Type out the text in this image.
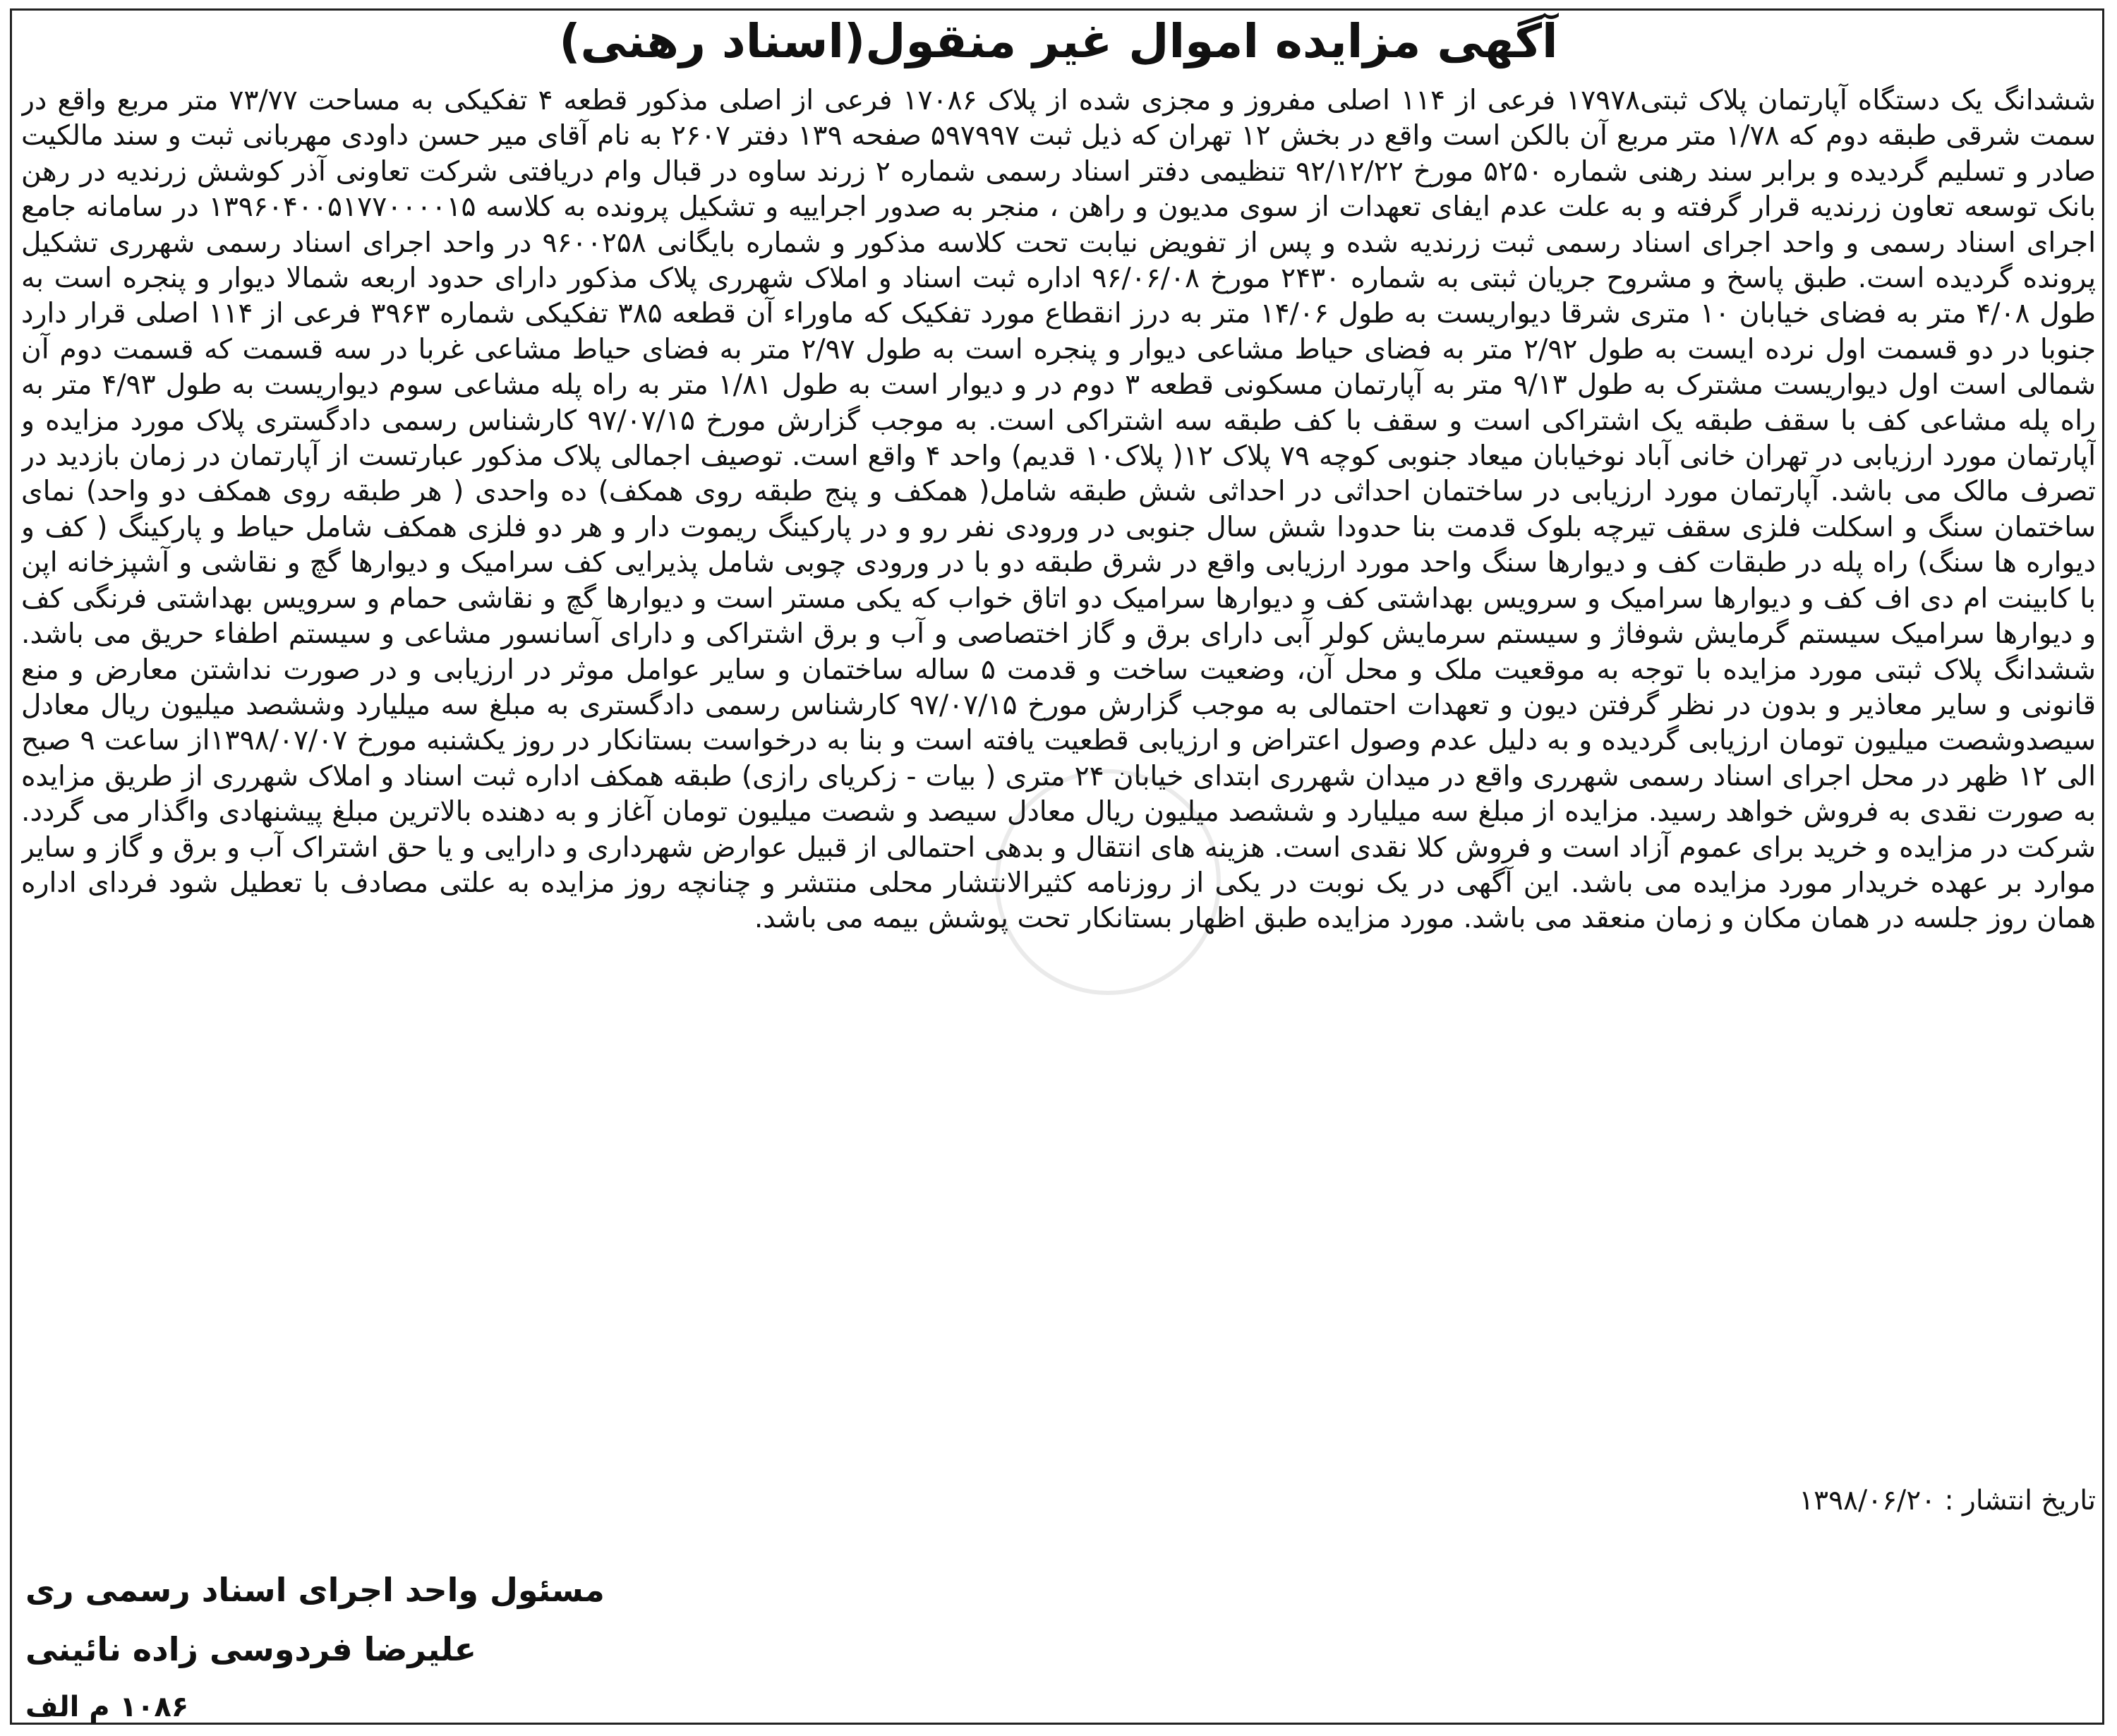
آگهی مزایده اموال غیر منقول(اسناد رهنی)
ششدانگ یک دستگاه آپارتمان پلاک ثبتی۱۷۹۷۸ فرعی از ۱۱۴ اصلی مفروز و مجزی شده از پلاک ۱۷۰۸۶ فرعی از اصلی مذکور قطعه ۴ تفکیکی به مساحت ۷۳/۷۷ متر مربع واقع در سمت شرقی طبقه دوم که ۱/۷۸ متر مربع آن بالکن است واقع در بخش ۱۲ تهران که ذیل ثبت ۵۹۷۹۹۷ صفحه ۱۳۹ دفتر ۲۶۰۷ به نام آقای میر حسن داودی مهربانی ثبت و سند مالکیت صادر و تسلیم گردیده و برابر سند رهنی شماره ۵۲۵۰ مورخ ۹۲/۱۲/۲۲ تنظیمی دفتر اسناد رسمی شماره ۲ زرند ساوه در قبال وام دریافتی شرکت تعاونی آذر کوشش زرندیه در رهن بانک توسعه تعاون زرندیه قرار گرفته و به علت عدم ایفای تعهدات از سوی مدیون و راهن ، منجر به صدور اجراییه و تشکیل پرونده به کلاسه ۱۳۹۶۰۴۰۰۵۱۷۷۰۰۰۰۱۵ در سامانه جامع اجرای اسناد رسمی و واحد اجرای اسناد رسمی ثبت زرندیه شده و پس از تفویض نیابت تحت کلاسه مذکور و شماره بایگانی ۹۶۰۰۲۵۸ در واحد اجرای اسناد رسمی شهرری تشکیل پرونده گردیده است. طبق پاسخ و مشروح جریان ثبتی به شماره ۲۴۳۰ مورخ ۹۶/۰۶/۰۸ اداره ثبت اسناد و املاک شهرری پلاک مذکور دارای حدود اربعه شمالا دیوار و پنجره است به طول ۴/۰۸ متر به فضای خیابان ۱۰ متری شرقا دیواریست به طول ۱۴/۰۶ متر به درز انقطاع مورد تفکیک که ماوراء آن قطعه ۳۸۵ تفکیکی شماره ۳۹۶۳ فرعی از ۱۱۴ اصلی قرار دارد جنوبا در دو قسمت اول نرده ایست به طول ۲/۹۲ متر به فضای حیاط مشاعی دیوار و پنجره است به طول ۲/۹۷ متر به فضای حیاط مشاعی غربا در سه قسمت که قسمت دوم آن شمالی است اول دیواریست مشترک به طول ۹/۱۳ متر به آپارتمان مسکونی قطعه ۳ دوم در و دیوار است به طول ۱/۸۱ متر به راه پله مشاعی سوم دیواریست به طول ۴/۹۳ متر به راه پله مشاعی کف با سقف طبقه یک اشتراکی است و سقف با کف طبقه سه اشتراکی است. به موجب گزارش مورخ ۹۷/۰۷/۱۵ کارشناس رسمی دادگستری پلاک مورد مزایده و آپارتمان مورد ارزیابی در تهران خانی آباد نوخیابان میعاد جنوبی کوچه ۷۹ پلاک ۱۲( پلاک۱۰ قدیم) واحد ۴ واقع است. توصیف اجمالی پلاک مذکور عبارتست از آپارتمان در زمان بازدید در تصرف مالک می باشد. آپارتمان مورد ارزیابی در ساختمان احداثی در احداثی شش طبقه شامل( همکف و پنج طبقه روی همکف) ده واحدی ( هر طبقه روی همکف دو واحد) نمای ساختمان سنگ و اسکلت فلزی سقف تیرچه بلوک قدمت بنا حدودا شش سال جنوبی در ورودی نفر رو و در پارکینگ ریموت دار و هر دو فلزی همکف شامل حیاط و پارکینگ ( کف و دیواره ها سنگ) راه پله در طبقات کف و دیوارها سنگ واحد مورد ارزیابی واقع در شرق طبقه دو با در ورودی چوبی شامل پذیرایی کف سرامیک و دیوارها گچ و نقاشی و آشپزخانه اپن با کابینت ام دی اف کف و دیوارها سرامیک و سرویس بهداشتی کف و دیوارها سرامیک دو اتاق خواب که یکی مستر است و دیوارها گچ و نقاشی حمام و سرویس بهداشتی فرنگی کف و دیوارها سرامیک سیستم گرمایش شوفاژ و سیستم سرمایش کولر آبی دارای برق و گاز اختصاصی و آب و برق اشتراکی و دارای آسانسور مشاعی و سیستم اطفاء حریق می باشد. ششدانگ پلاک ثبتی مورد مزایده با توجه به موقعیت ملک و محل آن، وضعیت ساخت و قدمت ۵ ساله ساختمان و سایر عوامل موثر در ارزیابی و در صورت نداشتن معارض و منع قانونی و سایر معاذیر و بدون در نظر گرفتن دیون و تعهدات احتمالی به موجب گزارش مورخ ۹۷/۰۷/۱۵ کارشناس رسمی دادگستری به مبلغ سه میلیارد وششصد میلیون ریال معادل سیصدوشصت میلیون تومان ارزیابی گردیده و به دلیل عدم وصول اعتراض و ارزیابی قطعیت یافته است و بنا به درخواست بستانکار در روز یکشنبه مورخ ۱۳۹۸/۰۷/۰۷از ساعت ۹ صبح الی ۱۲ ظهر در محل اجرای اسناد رسمی شهرری واقع در میدان شهرری ابتدای خیابان ۲۴ متری ( بیات - زکریای رازی) طبقه همکف اداره ثبت اسناد و املاک شهرری از طریق مزایده به صورت نقدی به فروش خواهد رسید. مزایده از مبلغ سه میلیارد و ششصد میلیون ریال معادل سیصد و شصت میلیون تومان آغاز و به دهنده بالاترین مبلغ پیشنهادی واگذار می گردد. شرکت در مزایده و خرید برای عموم آزاد است و فروش کلا نقدی است. هزینه های انتقال و بدهی احتمالی از قبیل عوارض شهرداری و دارایی و یا حق اشتراک آب و برق و گاز و سایر موارد بر عهده خریدار مورد مزایده می باشد. این آگهی در یک نوبت در یکی از روزنامه کثیرالانتشار محلی منتشر و چنانچه روز مزایده به علتی مصادف با تعطیل شود فردای اداره همان روز جلسه در همان مکان و زمان منعقد می باشد. مورد مزایده طبق اظهار بستانکار تحت پوشش بیمه می باشد.
تاریخ انتشار : ۱۳۹۸/۰۶/۲۰
مسئول واحد اجرای اسناد رسمی ری
علیرضا فردوسی زاده نائینی
۱۰۸۶ م الف
